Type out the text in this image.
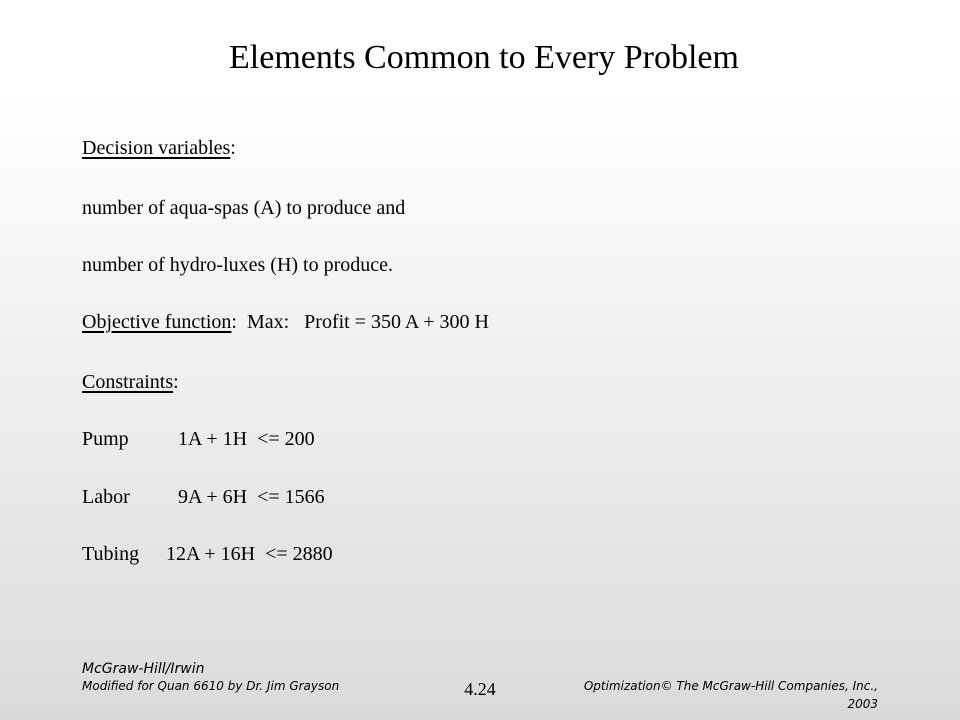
Elements Common to Every Problem
Decision variables:
number of aqua-spas (A) to produce and
number of hydro-luxes (H) to produce.
Objective function:  Max:   Profit = 350 A + 300 H
Constraints:
Pump 1A + 1H  <= 200
Labor 9A + 6H  <= 1566
Tubing 12A + 16H  <= 2880
McGraw-Hill/Irwin
Modified for Quan 6610 by Dr. Jim Grayson	4.24	Optimization© The McGraw-Hill Companies, Inc., 2003
